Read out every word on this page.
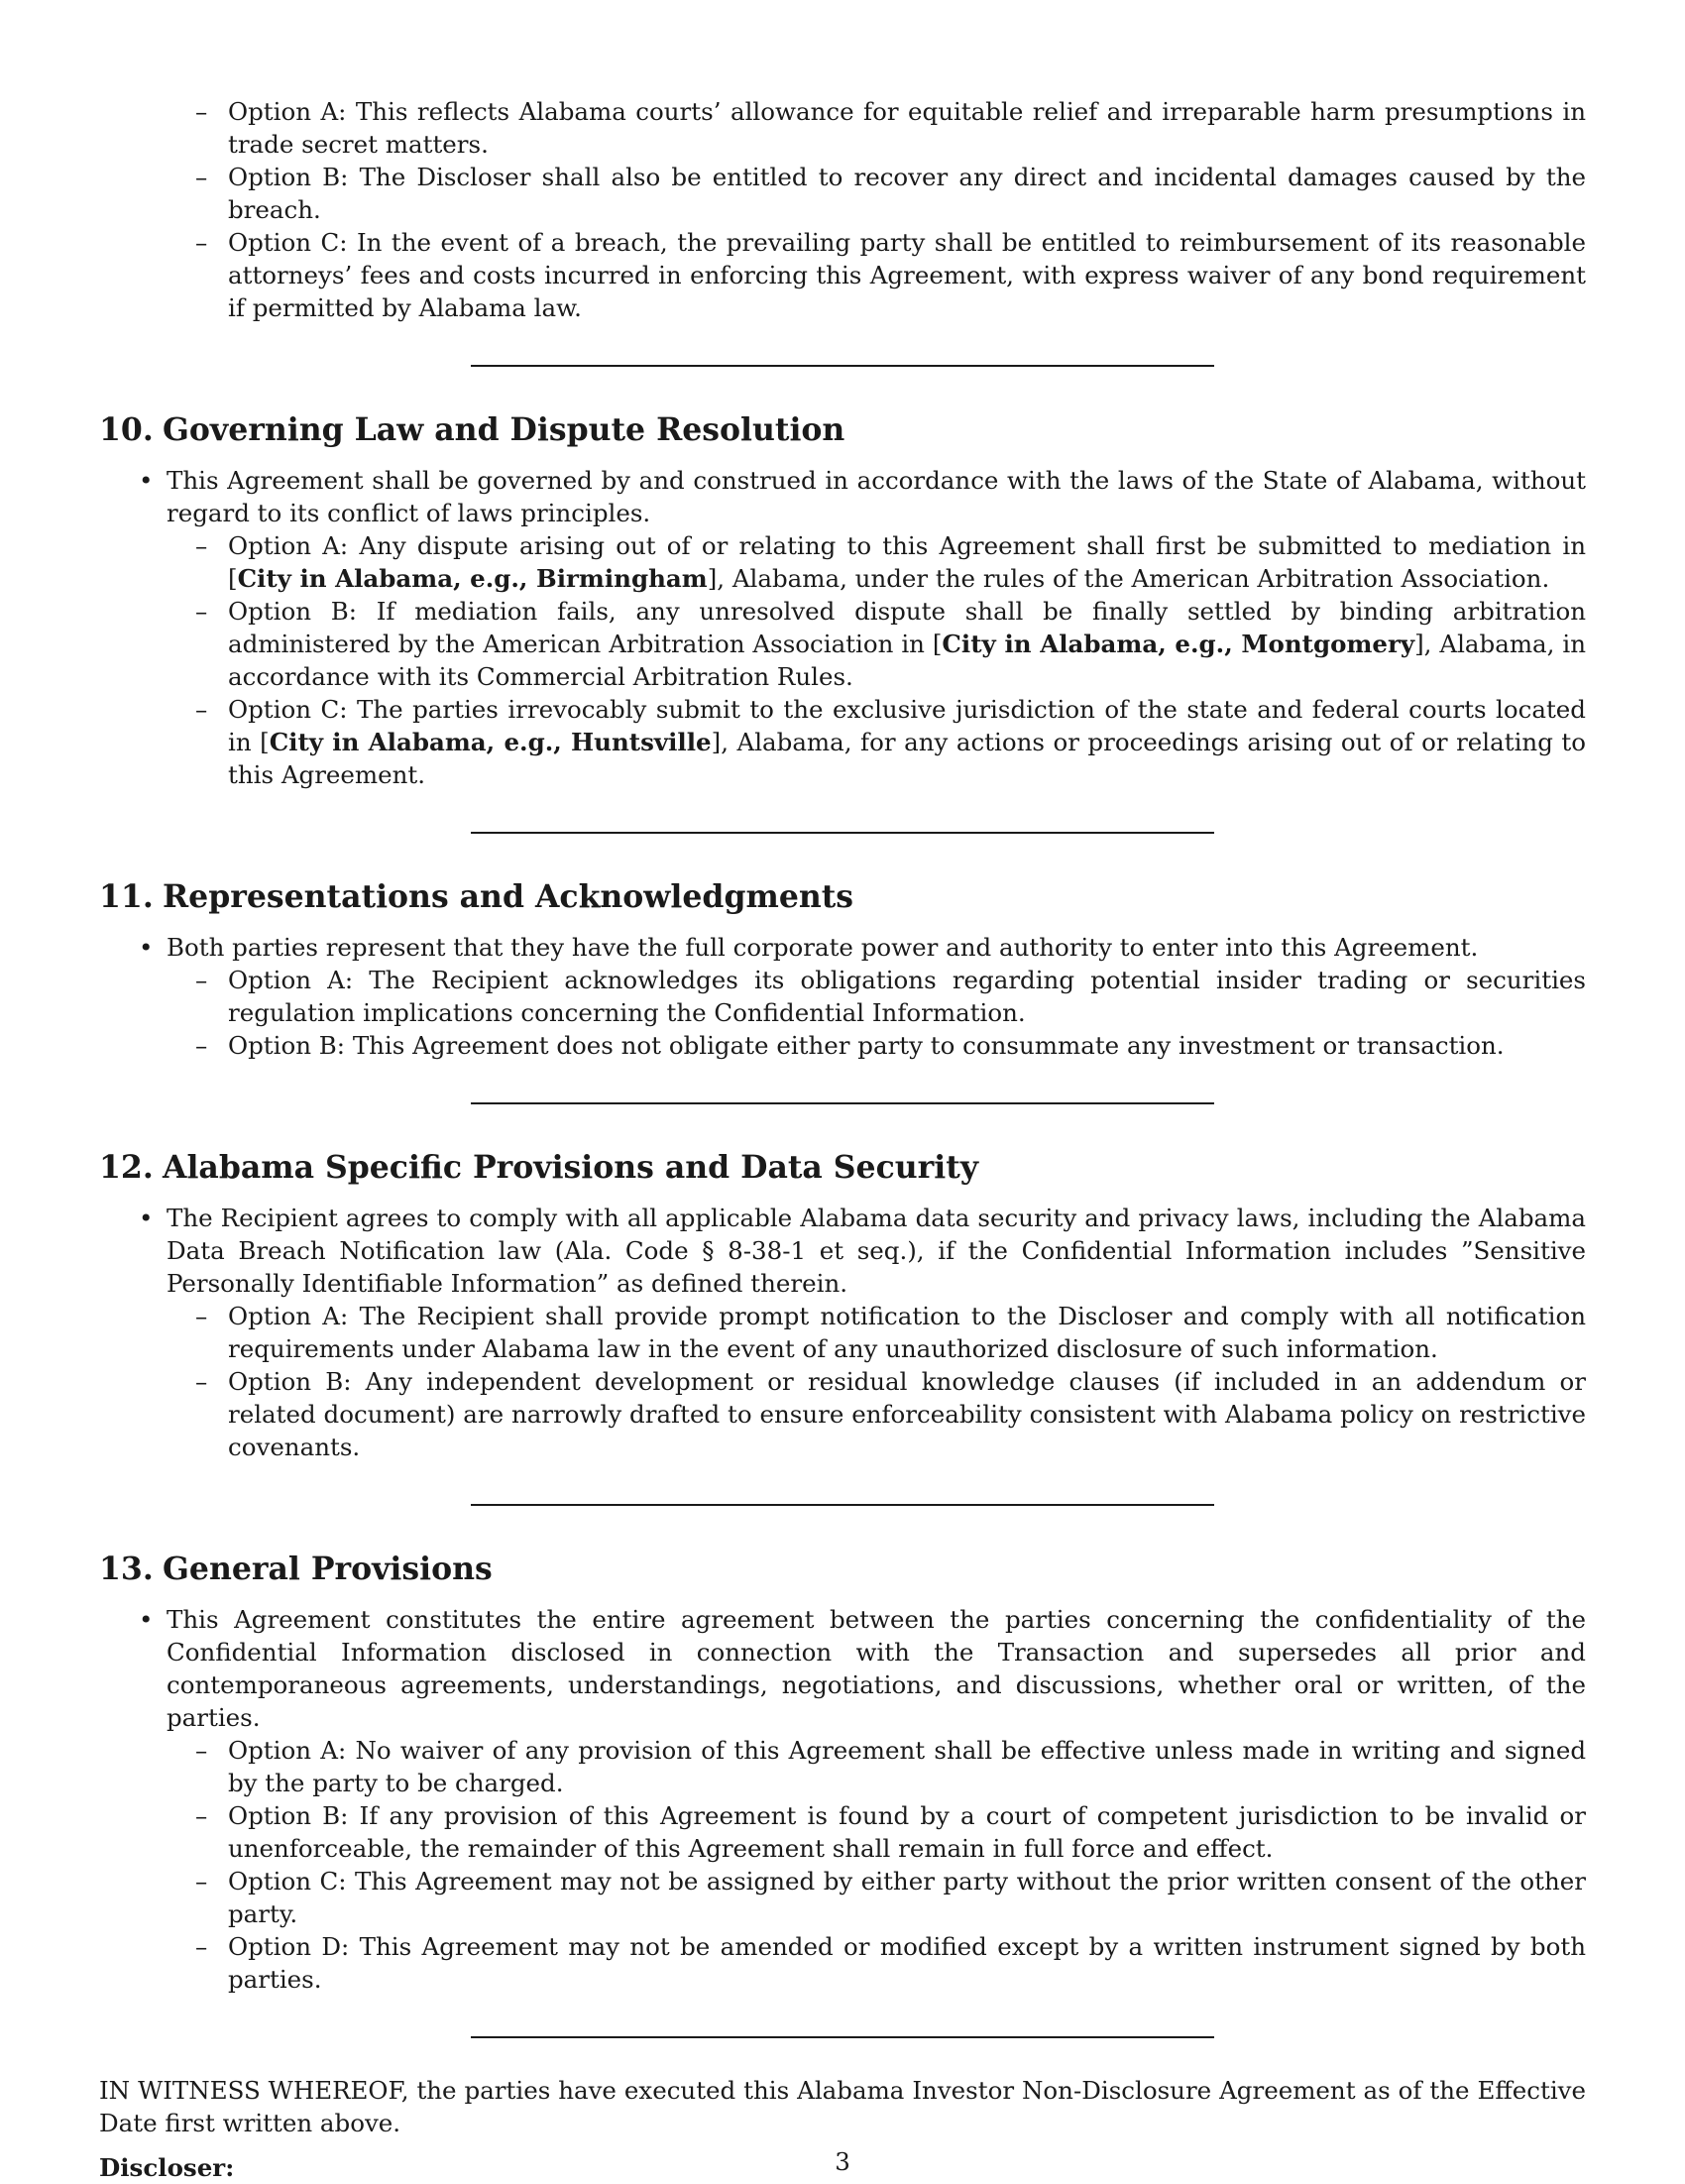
– Option A: This reflects Alabama courts’ allowance for equitable relief and irreparable harm presumptions in trade secret matters.
– Option B: The Discloser shall also be entitled to recover any direct and incidental damages caused by the breach.
– Option C: In the event of a breach, the prevailing party shall be entitled to reimbursement of its reasonable attorneys’ fees and costs incurred in enforcing this Agreement, with express waiver of any bond requirement if permitted by Alabama law.
10. Governing Law and Dispute Resolution
• This Agreement shall be governed by and construed in accordance with the laws of the State of Alabama, without regard to its conflict of laws principles.
– Option A: Any dispute arising out of or relating to this Agreement shall first be submitted to mediation in [City in Alabama, e.g., Birmingham], Alabama, under the rules of the American Arbitration Association.
– Option B: If mediation fails, any unresolved dispute shall be finally settled by binding arbitration administered by the American Arbitration Association in [City in Alabama, e.g., Montgomery], Alabama, in accordance with its Commercial Arbitration Rules.
– Option C: The parties irrevocably submit to the exclusive jurisdiction of the state and federal courts located in [City in Alabama, e.g., Huntsville], Alabama, for any actions or proceedings arising out of or relating to this Agreement.
11. Representations and Acknowledgments
• Both parties represent that they have the full corporate power and authority to enter into this Agreement.
– Option A: The Recipient acknowledges its obligations regarding potential insider trading or securities regulation implications concerning the Confidential Information.
– Option B: This Agreement does not obligate either party to consummate any investment or transaction.
12. Alabama Specific Provisions and Data Security
• The Recipient agrees to comply with all applicable Alabama data security and privacy laws, including the Alabama Data Breach Notification law (Ala. Code § 8-38-1 et seq.), if the Confidential Information includes ”Sensitive Personally Identifiable Information” as defined therein.
– Option A: The Recipient shall provide prompt notification to the Discloser and comply with all notification requirements under Alabama law in the event of any unauthorized disclosure of such information.
– Option B: Any independent development or residual knowledge clauses (if included in an addendum or related document) are narrowly drafted to ensure enforceability consistent with Alabama policy on restrictive covenants.
13. General Provisions
• This Agreement constitutes the entire agreement between the parties concerning the confidentiality of the Confidential Information disclosed in connection with the Transaction and supersedes all prior and contemporaneous agreements, understandings, negotiations, and discussions, whether oral or written, of the parties.
– Option A: No waiver of any provision of this Agreement shall be effective unless made in writing and signed by the party to be charged.
– Option B: If any provision of this Agreement is found by a court of competent jurisdiction to be invalid or unenforceable, the remainder of this Agreement shall remain in full force and effect.
– Option C: This Agreement may not be assigned by either party without the prior written consent of the other party.
– Option D: This Agreement may not be amended or modified except by a written instrument signed by both parties.

IN WITNESS WHEREOF, the parties have executed this Alabama Investor Non-Disclosure Agreement as of the Effective Date first written above.

Discloser:	3
